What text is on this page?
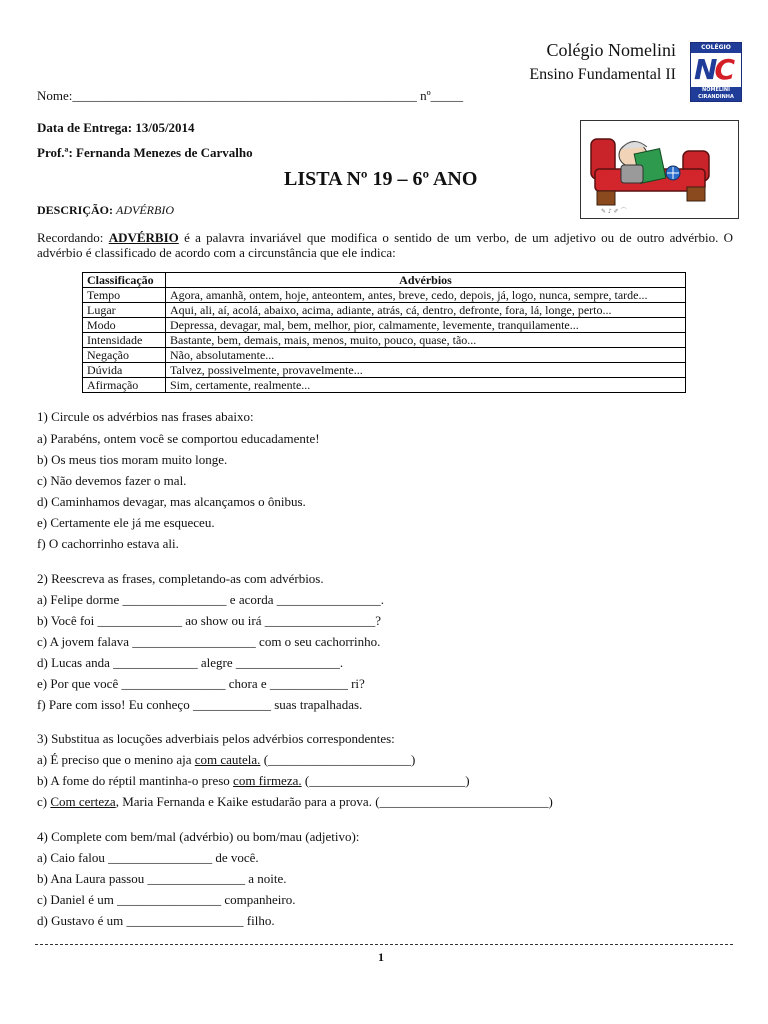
Colégio Nomelini
Ensino Fundamental II
COLÉGIO
NC
NOMELINI
CIRANDINHA
Nome:_____________________________________________________ nº_____
Data de Entrega: 13/05/2014
Prof.ª: Fernanda Menezes de Carvalho
LISTA Nº 19 – 6º ANO
✎ ♪ ✐ ⌒
DESCRIÇÃO: ADVÉRBIO
Recordando: ADVÉRBIO é a palavra invariável que modifica o sentido de um verbo, de um adjetivo ou de outro advérbio. O advérbio é classificado de acordo com a circunstância que ele indica:
Classificação	Advérbios
Tempo	Agora, amanhã, ontem, hoje, anteontem, antes, breve, cedo, depois, já, logo, nunca, sempre, tarde...
Lugar	Aqui, ali, aí, acolá, abaixo, acima, adiante, atrás, cá, dentro, defronte, fora, lá, longe, perto...
Modo	Depressa, devagar, mal, bem, melhor, pior, calmamente, levemente, tranquilamente...
Intensidade	Bastante, bem, demais, mais, menos, muito, pouco, quase, tão...
Negação	Não, absolutamente...
Dúvida	Talvez, possivelmente, provavelmente...
Afirmação	Sim, certamente, realmente...
1) Circule os advérbios nas frases abaixo:
a) Parabéns, ontem você se comportou educadamente!
b) Os meus tios moram muito longe.
c) Não devemos fazer o mal.
d) Caminhamos devagar, mas alcançamos o ônibus.
e) Certamente ele já me esqueceu.
f) O cachorrinho estava ali.
2) Reescreva as frases, completando-as com advérbios.
a) Felipe dorme ________________ e acorda ________________.
b) Você foi _____________ ao show ou irá _________________?
c) A jovem falava ___________________ com o seu cachorrinho.
d) Lucas anda _____________ alegre ________________.
e) Por que você ________________ chora e ____________ ri?
f) Pare com isso! Eu conheço ____________ suas trapalhadas.
3) Substitua as locuções adverbiais pelos advérbios correspondentes:
a) É preciso que o menino aja com cautela. (______________________)
b) A fome do réptil mantinha-o preso com firmeza. (________________________)
c) Com certeza, Maria Fernanda e Kaike estudarão para a prova. (__________________________)
4) Complete com bem/mal (advérbio) ou bom/mau (adjetivo):
a) Caio falou ________________ de você.
b) Ana Laura passou _______________ a noite.
c) Daniel é um ________________ companheiro.
d) Gustavo é um __________________ filho.
1
